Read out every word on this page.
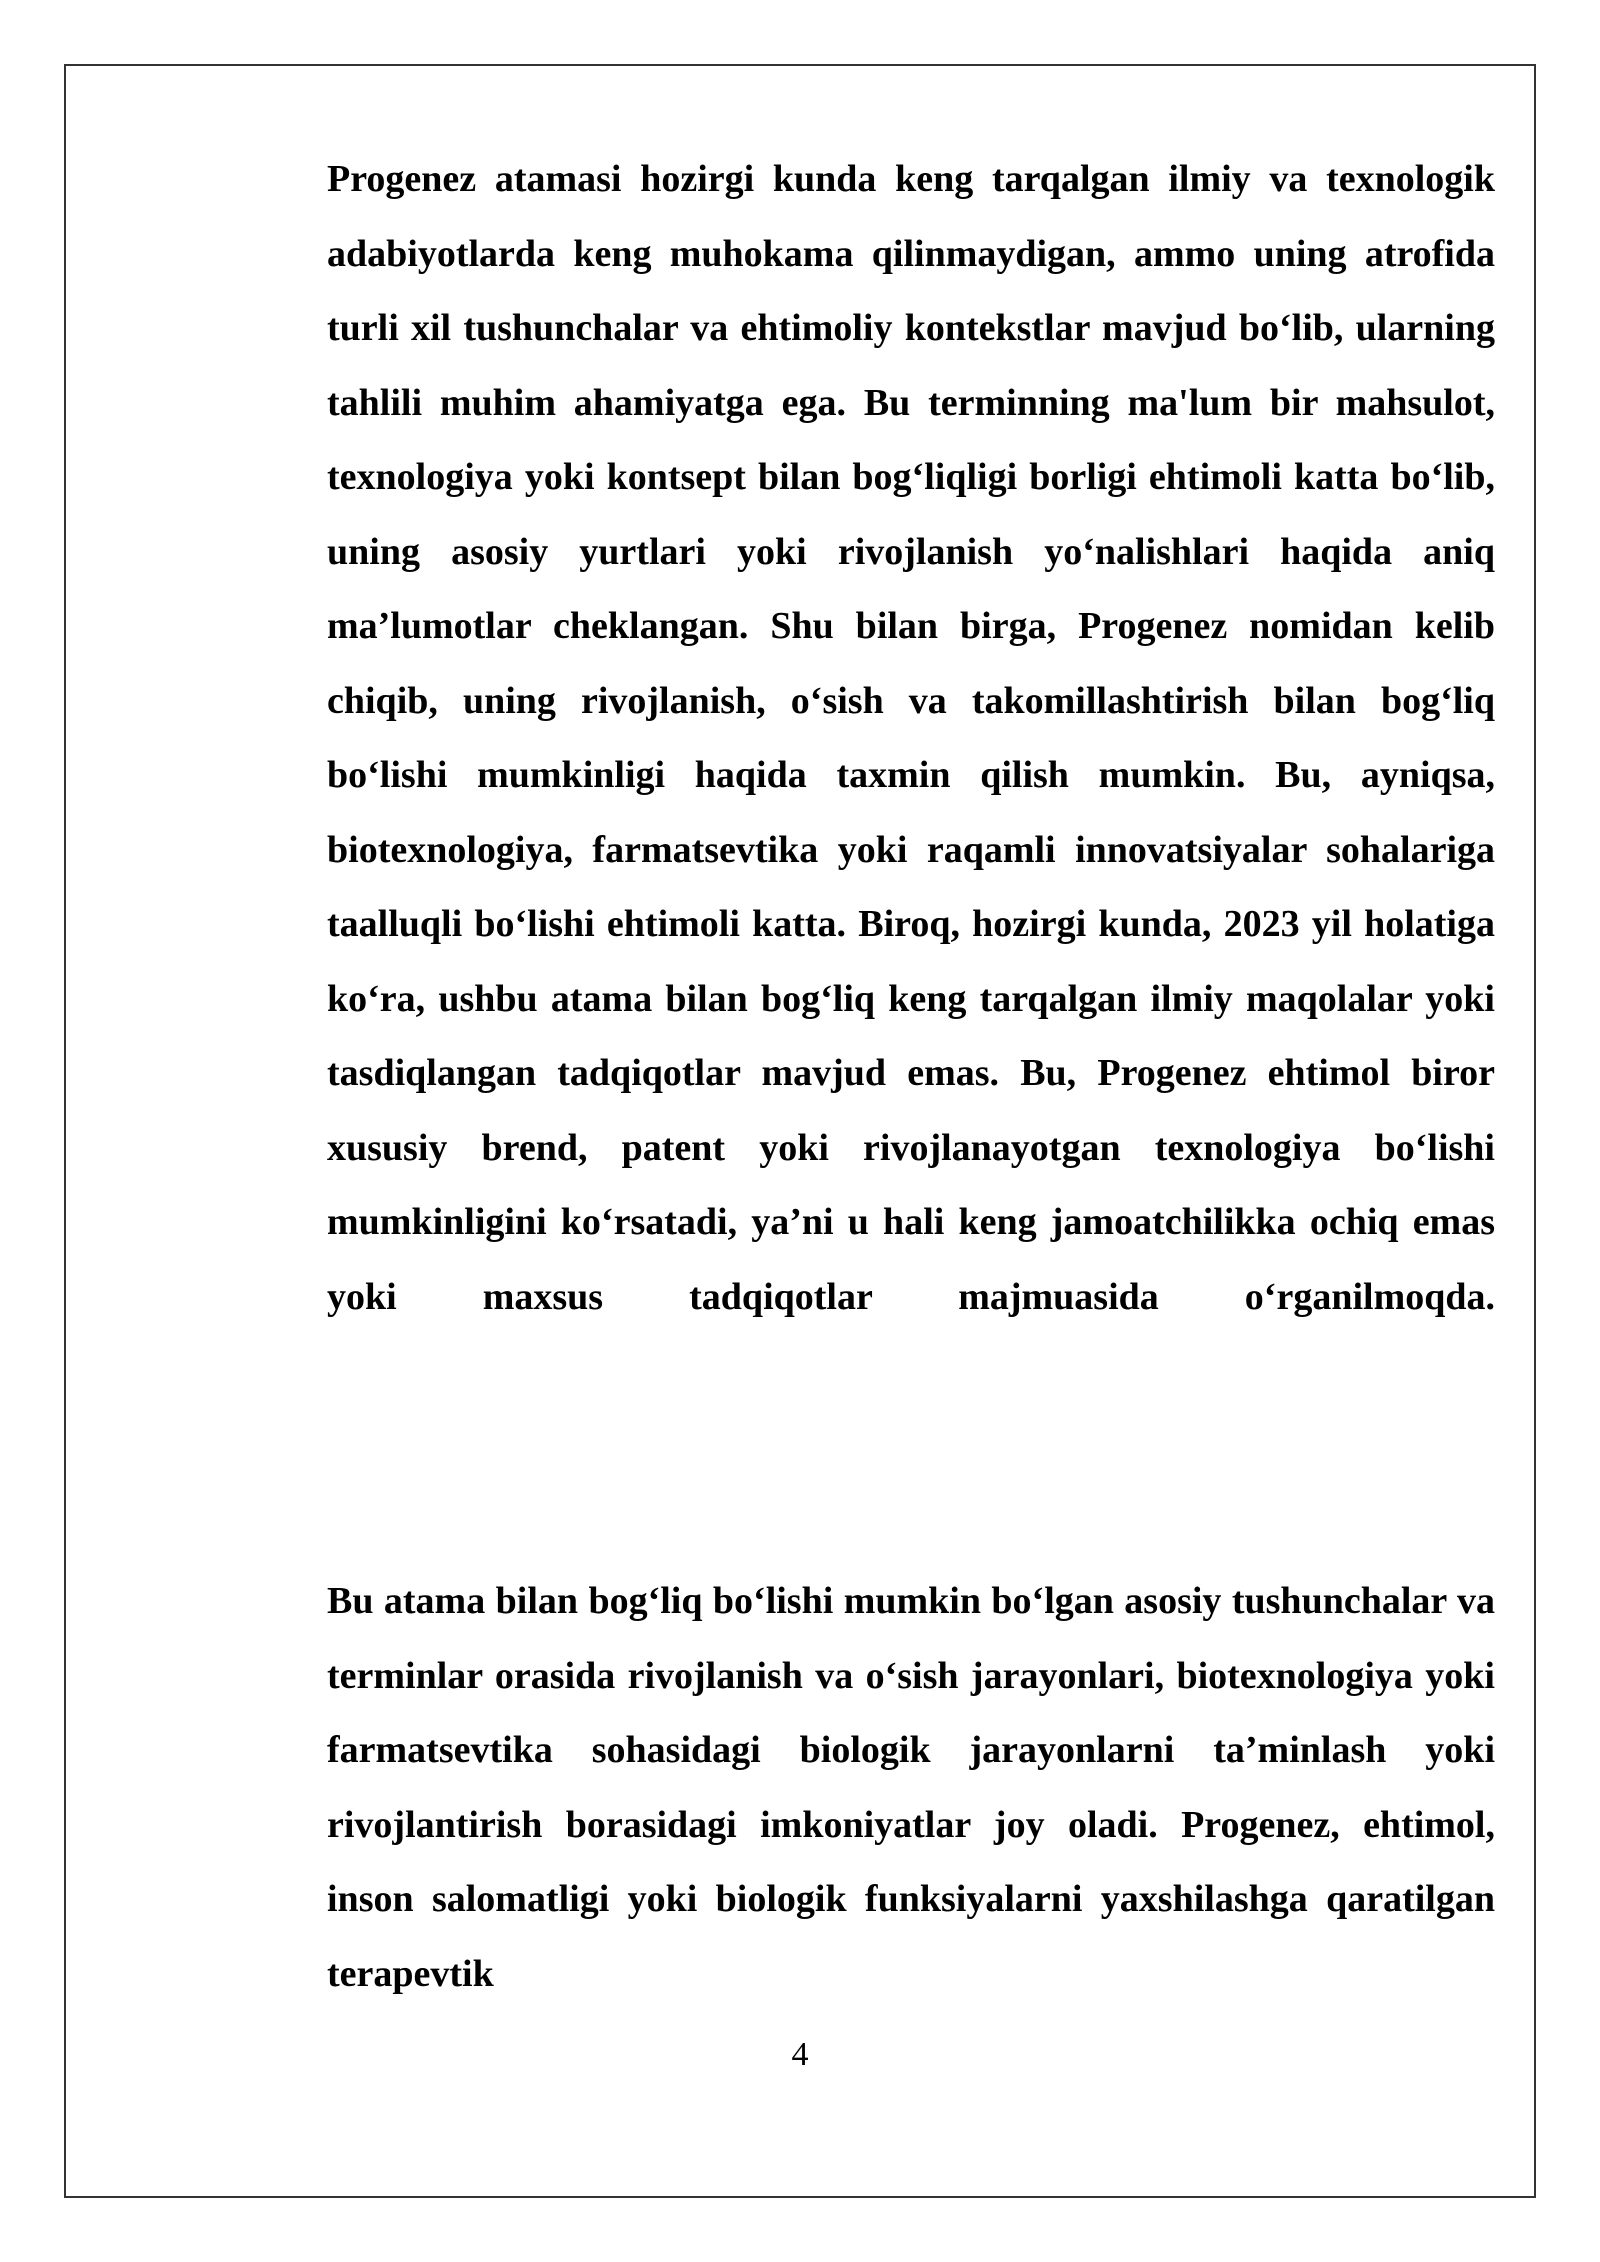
Progenez atamasi hozirgi kunda keng tarqalgan ilmiy va texnologik adabiyotlarda keng muhokama qilinmaydigan, ammo uning atrofida turli xil tushunchalar va ehtimoliy kontekstlar mavjud bo‘lib, ularning tahlili muhim ahamiyatga ega. Bu terminning ma'lum bir mahsulot, texnologiya yoki kontsept bilan bog‘liqligi borligi ehtimoli katta bo‘lib, uning asosiy yurtlari yoki rivojlanish yo‘nalishlari haqida aniq ma’lumotlar cheklangan. Shu bilan birga, Progenez nomidan kelib chiqib, uning rivojlanish, o‘sish va takomillashtirish bilan bog‘liq bo‘lishi mumkinligi haqida taxmin qilish mumkin. Bu, ayniqsa, biotexnologiya, farmatsevtika yoki raqamli innovatsiyalar sohalariga taalluqli bo‘lishi ehtimoli katta. Biroq, hozirgi kunda, 2023 yil holatiga ko‘ra, ushbu atama bilan bog‘liq keng tarqalgan ilmiy maqolalar yoki tasdiqlangan tadqiqotlar mavjud emas. Bu, Progenez ehtimol biror xususiy brend, patent yoki rivojlanayotgan texnologiya bo‘lishi mumkinligini ko‘rsatadi, ya’ni u hali keng jamoatchilikka ochiq emas yoki maxsus tadqiqotlar majmuasida o‘rganilmoqda.
Bu atama bilan bog‘liq bo‘lishi mumkin bo‘lgan asosiy tushunchalar va terminlar orasida rivojlanish va o‘sish jarayonlari, biotexnologiya yoki farmatsevtika sohasidagi biologik jarayonlarni ta’minlash yoki rivojlantirish borasidagi imkoniyatlar joy oladi. Progenez, ehtimol, inson salomatligi yoki biologik funksiyalarni yaxshilashga qaratilgan terapevtik
4
